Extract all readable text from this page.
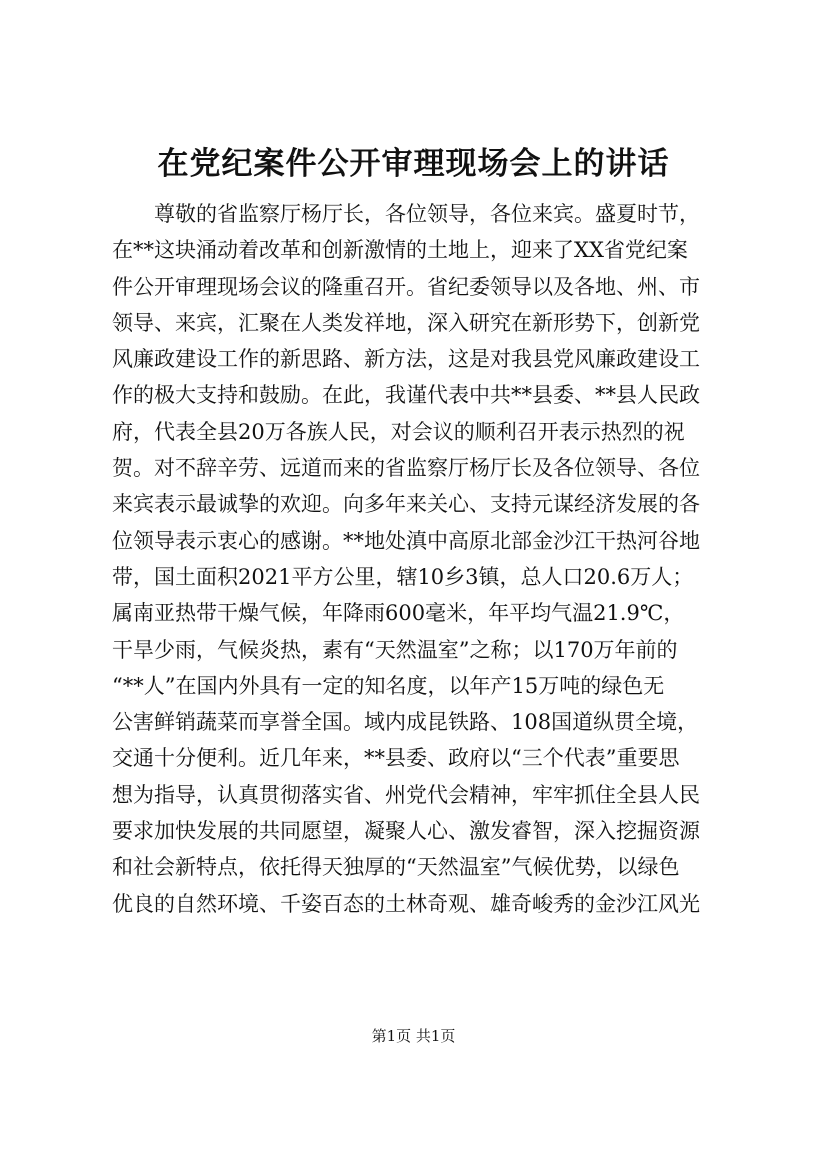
在党纪案件公开审理现场会上的讲话
尊敬的省监察厅杨厅长，各位领导，各位来宾。盛夏时节，
在**这块涌动着改革和创新激情的土地上，迎来了XX省党纪案
件公开审理现场会议的隆重召开。省纪委领导以及各地、州、市
领导、来宾，汇聚在人类发祥地，深入研究在新形势下，创新党
风廉政建设工作的新思路、新方法，这是对我县党风廉政建设工
作的极大支持和鼓励。在此，我谨代表中共**县委、**县人民政
府，代表全县20万各族人民，对会议的顺利召开表示热烈的祝
贺。对不辞辛劳、远道而来的省监察厅杨厅长及各位领导、各位
来宾表示最诚挚的欢迎。向多年来关心、支持元谋经济发展的各
位领导表示衷心的感谢。**地处滇中高原北部金沙江干热河谷地
带，国土面积2021平方公里，辖10乡3镇，总人口20.6万人；
属南亚热带干燥气候，年降雨600毫米，年平均气温21.9℃，
干旱少雨，气候炎热，素有“天然温室”之称；以170万年前的
“**人”在国内外具有一定的知名度，以年产15万吨的绿色无
公害鲜销蔬菜而享誉全国。域内成昆铁路、108国道纵贯全境，
交通十分便利。近几年来，**县委、政府以“三个代表”重要思
想为指导，认真贯彻落实省、州党代会精神，牢牢抓住全县人民
要求加快发展的共同愿望，凝聚人心、激发睿智，深入挖掘资源
和社会新特点，依托得天独厚的“天然温室”气候优势，以绿色
优良的自然环境、千姿百态的土林奇观、雄奇峻秀的金沙江风光
第1页 共1页
